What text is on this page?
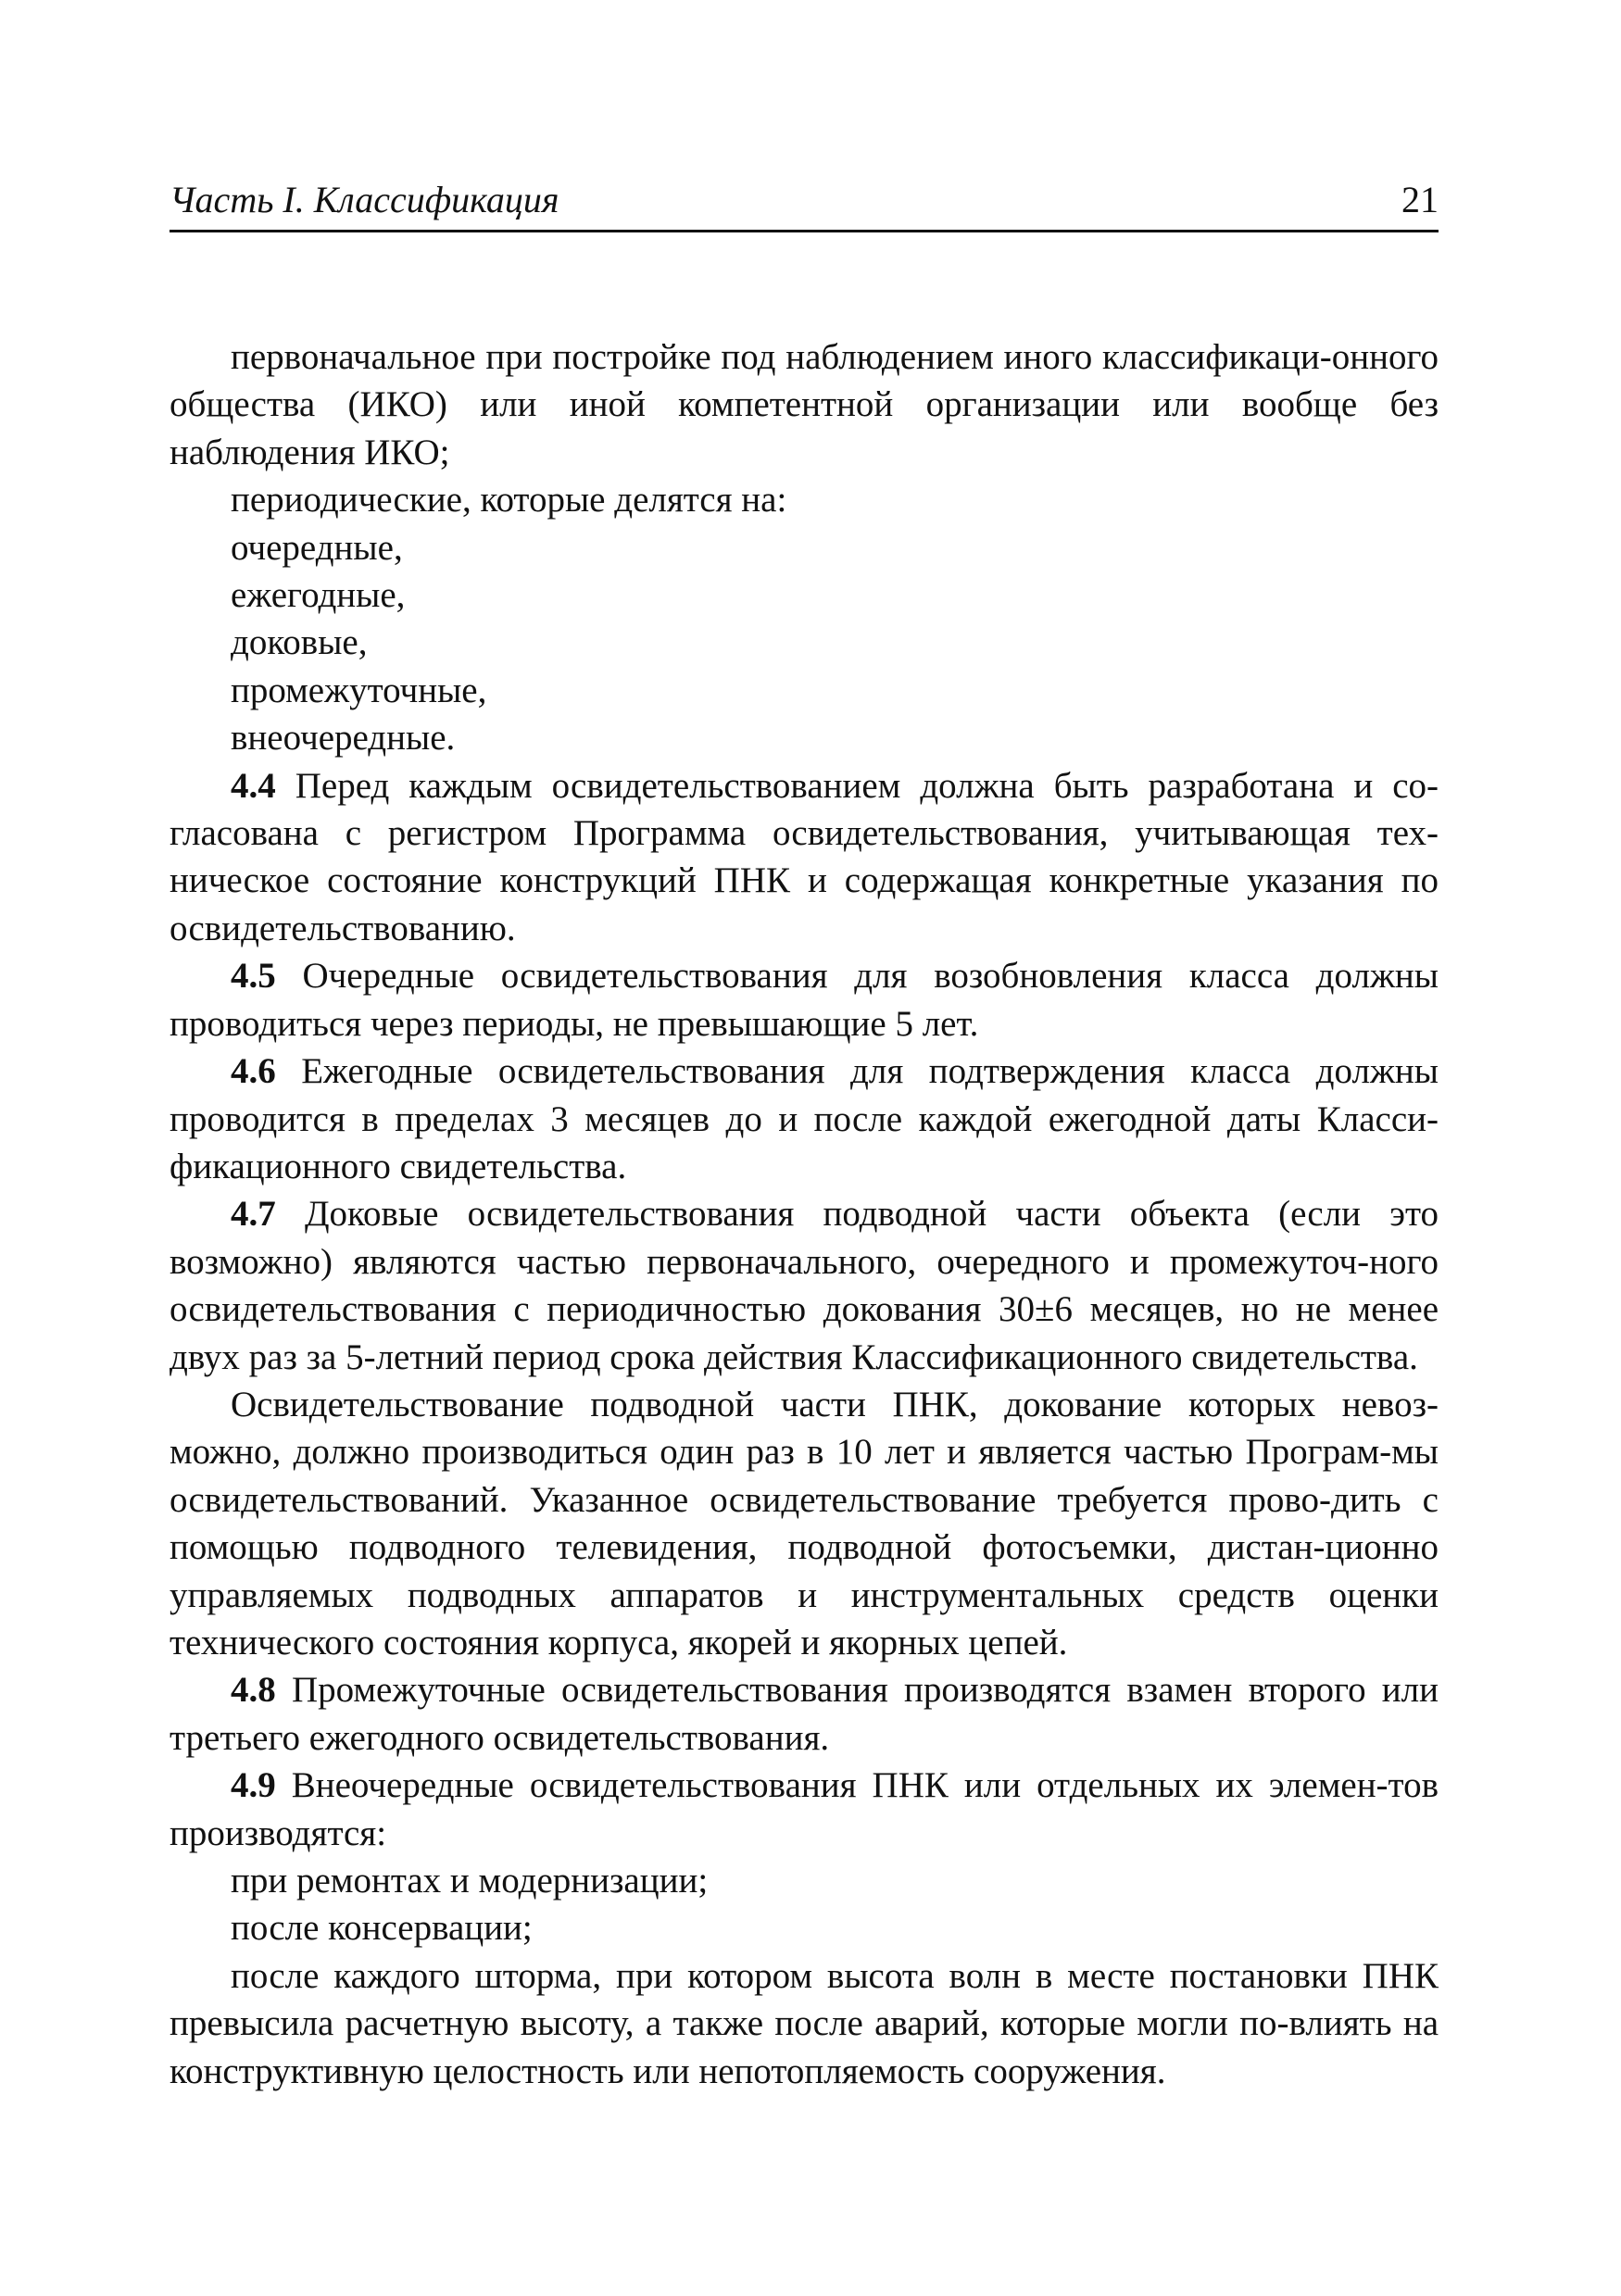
Часть I. Классификация	21

первоначальное при постройке под наблюдением иного классификаци-онного общества (ИКО) или иной компетентной организации или вообще без наблюдения ИКО;

периодические, которые делятся на:

очередные,

ежегодные,

доковые,

промежуточные,

внеочередные.

4.4 Перед каждым освидетельствованием должна быть разработана и со-гласована с регистром Программа освидетельствования, учитывающая тех-ническое состояние конструкций ПНК и содержащая конкретные указания по освидетельствованию.

4.5 Очередные освидетельствования для возобновления класса должны проводиться через периоды, не превышающие 5 лет.

4.6 Ежегодные освидетельствования для подтверждения класса должны проводится в пределах 3 месяцев до и после каждой ежегодной даты Класси-фикационного свидетельства.

4.7 Доковые освидетельствования подводной части объекта (если это возможно) являются частью первоначального, очередного и промежуточ-ного освидетельствования с периодичностью докования 30±6 месяцев, но не менее двух раз за 5-летний период срока действия Классификационного свидетельства.

Освидетельствование подводной части ПНК, докование которых невоз-можно, должно производиться один раз в 10 лет и является частью Програм-мы освидетельствований. Указанное освидетельствование требуется прово-дить с помощью подводного телевидения, подводной фотосъемки, дистан-ционно управляемых подводных аппаратов и инструментальных средств оценки технического состояния корпуса, якорей и якорных цепей.

4.8 Промежуточные освидетельствования производятся взамен второго или третьего ежегодного освидетельствования.

4.9 Внеочередные освидетельствования ПНК или отдельных их элемен-тов производятся:

при ремонтах и модернизации;

после консервации;

после каждого шторма, при котором высота волн в месте постановки ПНК превысила расчетную высоту, а также после аварий, которые могли по-влиять на конструктивную целостность или непотопляемость сооружения.
